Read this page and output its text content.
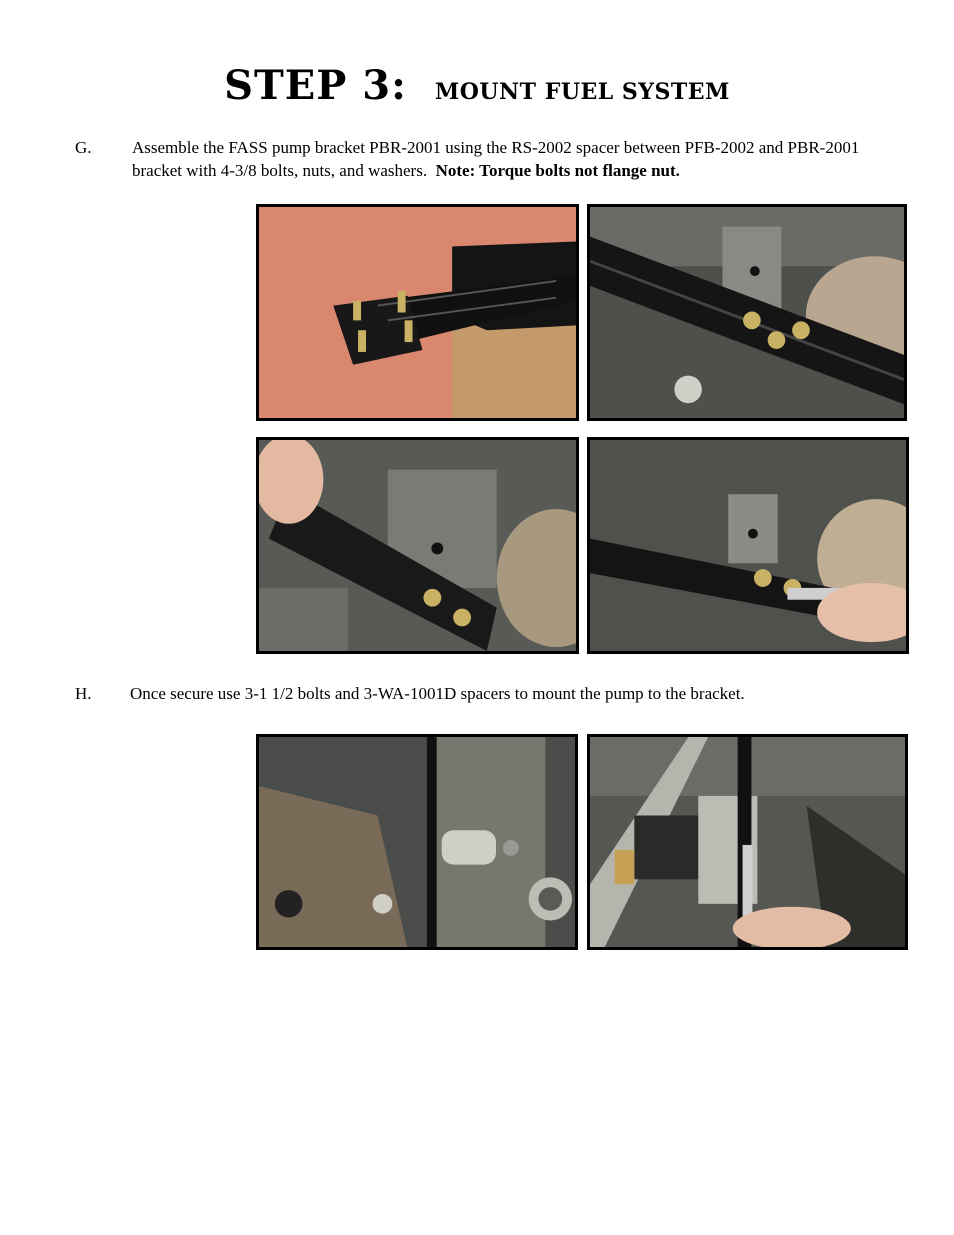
STEP 3: MOUNT FUEL SYSTEM
G. Assemble the FASS pump bracket PBR-2001 using the RS-2002 spacer between PFB-2002 and PBR-2001 bracket with 4-3/8 bolts, nuts, and washers. Note: Torque bolts not flange nut.
H. Once secure use 3-1 1/2 bolts and 3-WA-1001D spacers to mount the pump to the bracket.
